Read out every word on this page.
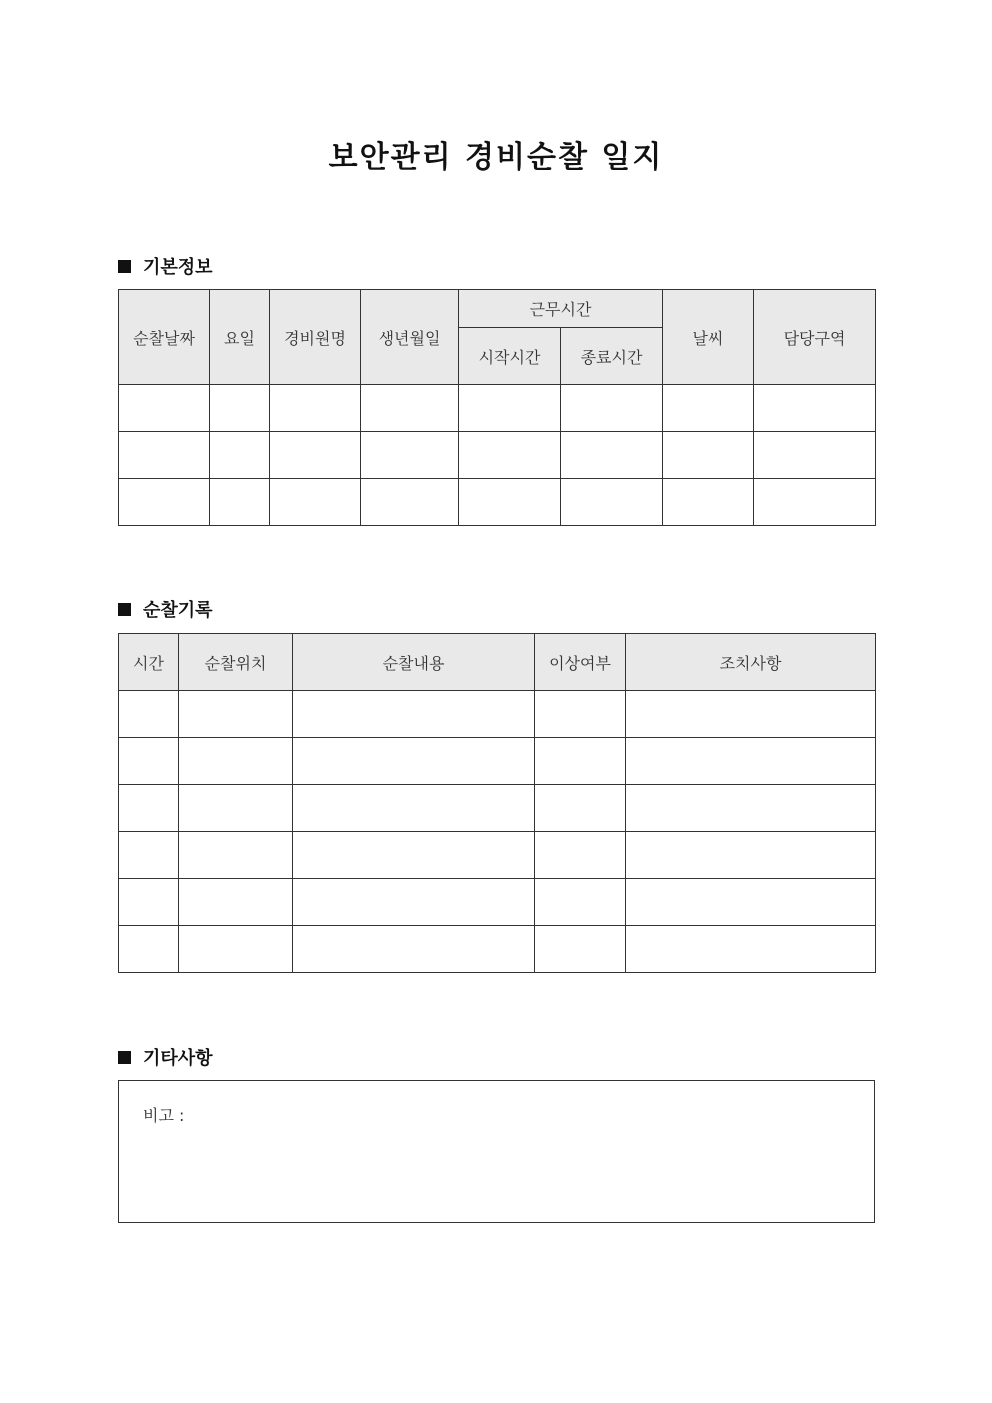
보안관리 경비순찰 일지
기본정보
순찰날짜	요일	경비원명	생년월일	근무시간		날씨	담당구역
				시작시간	종료시간		

순찰기록
시간	순찰위치	순찰내용	이상여부	조치사항

기타사항
비고 :
